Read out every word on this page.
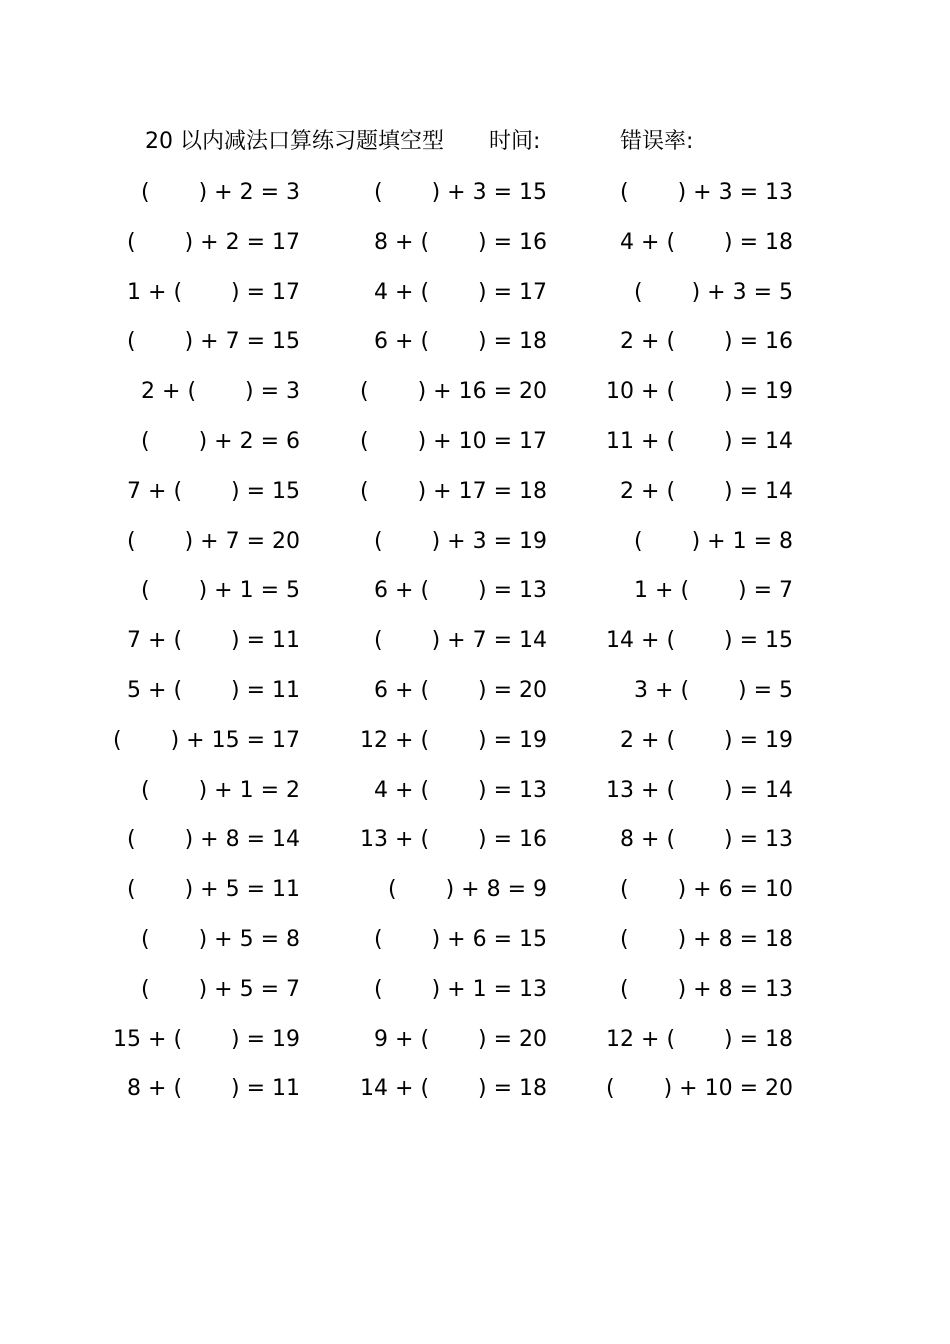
20 以内减法口算练习题填空型 时间:	错误率:
(       ) + 2 = 3	(       ) + 3 = 15	(       ) + 3 = 13
(       ) + 2 = 17	8 + (       ) = 16	4 + (       ) = 18
1 + (       ) = 17	4 + (       ) = 17	(       ) + 3 = 5
(       ) + 7 = 15	6 + (       ) = 18	2 + (       ) = 16
2 + (       ) = 3	(       ) + 16 = 20	10 + (       ) = 19
(       ) + 2 = 6	(       ) + 10 = 17	11 + (       ) = 14
7 + (       ) = 15	(       ) + 17 = 18	2 + (       ) = 14
(       ) + 7 = 20	(       ) + 3 = 19	(       ) + 1 = 8
(       ) + 1 = 5	6 + (       ) = 13	1 + (       ) = 7
7 + (       ) = 11	(       ) + 7 = 14	14 + (       ) = 15
5 + (       ) = 11	6 + (       ) = 20	3 + (       ) = 5
(       ) + 15 = 17	12 + (       ) = 19	2 + (       ) = 19
(       ) + 1 = 2	4 + (       ) = 13	13 + (       ) = 14
(       ) + 8 = 14	13 + (       ) = 16	8 + (       ) = 13
(       ) + 5 = 11	(       ) + 8 = 9	(       ) + 6 = 10
(       ) + 5 = 8	(       ) + 6 = 15	(       ) + 8 = 18
(       ) + 5 = 7	(       ) + 1 = 13	(       ) + 8 = 13
15 + (       ) = 19	9 + (       ) = 20	12 + (       ) = 18
8 + (       ) = 11	14 + (       ) = 18	(       ) + 10 = 20
